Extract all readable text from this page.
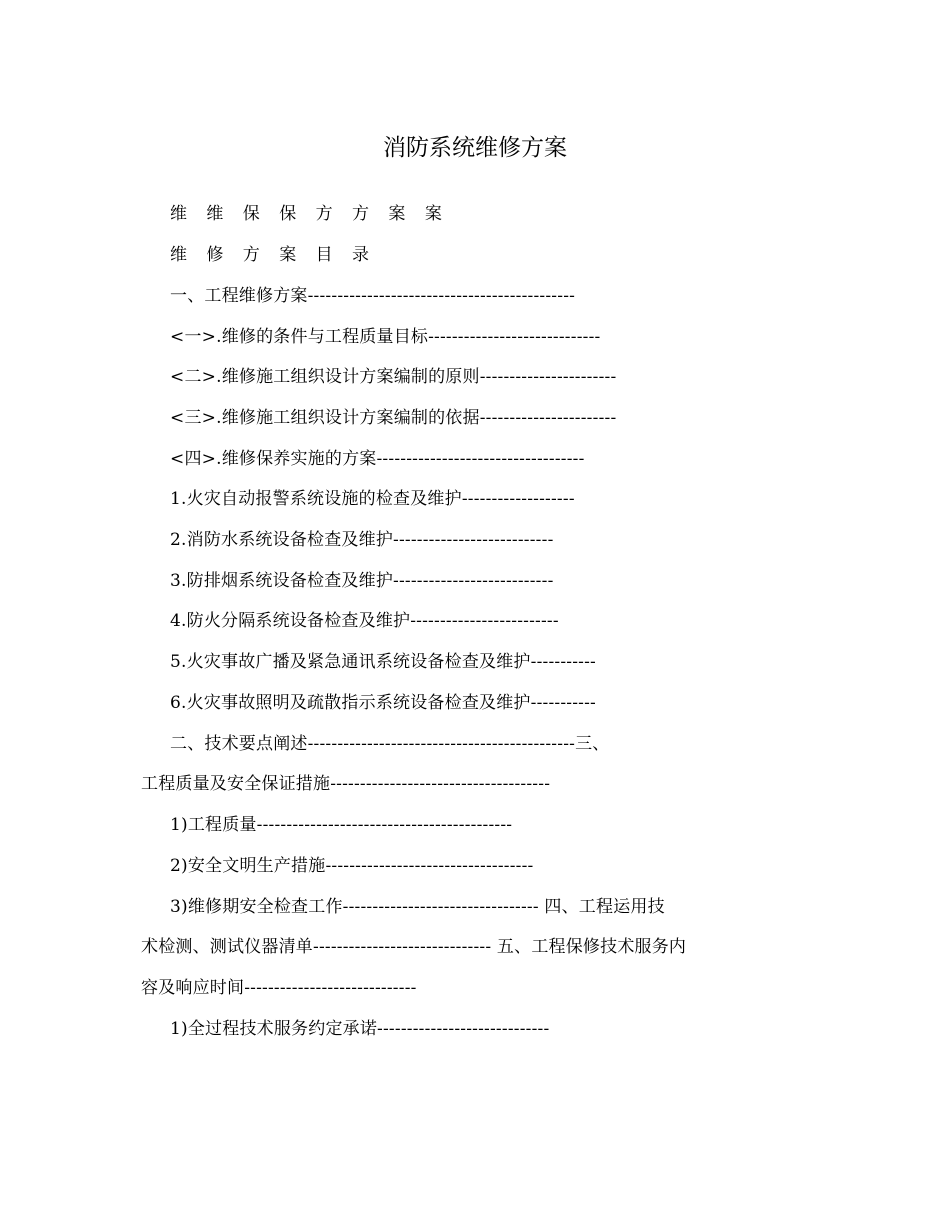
消防系统维修方案
维 维 保 保 方 方 案 案
维 修 方 案 目 录
一、工程维修方案---------------------------------------------
<一>.维修的条件与工程质量目标-----------------------------
<二>.维修施工组织设计方案编制的原则-----------------------
<三>.维修施工组织设计方案编制的依据-----------------------
<四>.维修保养实施的方案-----------------------------------
1.火灾自动报警系统设施的检查及维护-------------------
2.消防水系统设备检查及维护---------------------------
3.防排烟系统设备检查及维护---------------------------
4.防火分隔系统设备检查及维护-------------------------
5.火灾事故广播及紧急通讯系统设备检查及维护-----------
6.火灾事故照明及疏散指示系统设备检查及维护-----------
二、技术要点阐述---------------------------------------------三、
工程质量及安全保证措施-------------------------------------
1)工程质量-------------------------------------------
2)安全文明生产措施-----------------------------------
3)维修期安全检查工作--------------------------------- 四、工程运用技
术检测、测试仪器清单------------------------------ 五、工程保修技术服务内
容及响应时间-----------------------------
1)全过程技术服务约定承诺-----------------------------
